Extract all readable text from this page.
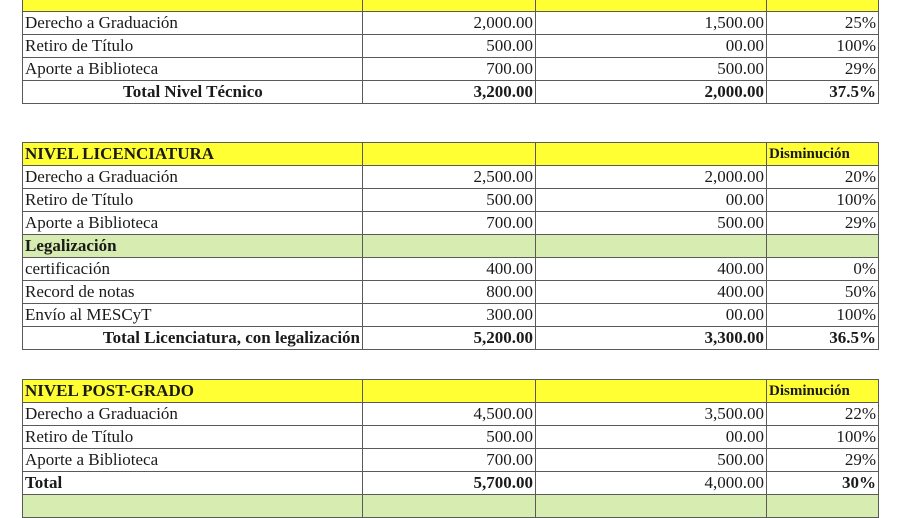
Derecho a Graduación	2,000.00	1,500.00	25%
Retiro de Título	500.00	00.00	100%
Aporte a Biblioteca	700.00	500.00	29%
Total Nivel Técnico	3,200.00	2,000.00	37.5%
NIVEL LICENCIATURA			Disminución
Derecho a Graduación	2,500.00	2,000.00	20%
Retiro de Título	500.00	00.00	100%
Aporte a Biblioteca	700.00	500.00	29%
Legalización			
certificación	400.00	400.00	0%
Record de notas	800.00	400.00	50%
Envío al MESCyT	300.00	00.00	100%
Total Licenciatura, con legalización	5,200.00	3,300.00	36.5%
NIVEL POST-GRADO			Disminución
Derecho a Graduación	4,500.00	3,500.00	22%
Retiro de Título	500.00	00.00	100%
Aporte a Biblioteca	700.00	500.00	29%
Total	5,700.00	4,000.00	30%
